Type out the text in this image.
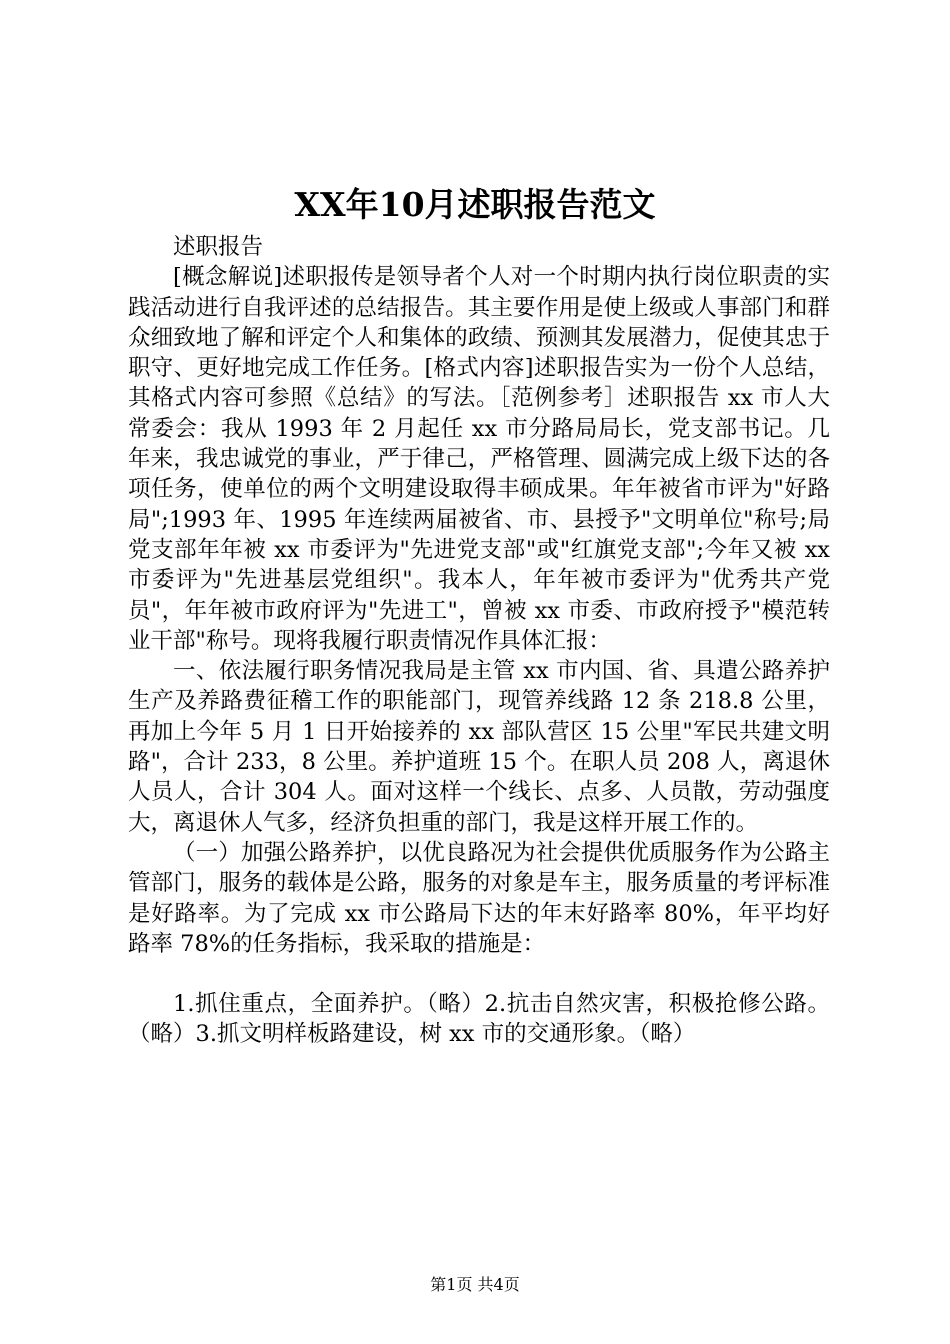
XX年10月述职报告范文

述职报告

[概念解说]述职报传是领导者个人对一个时期内执行岗位职责的实践活动进行自我评述的总结报告。其主要作用是使上级或人事部门和群众细致地了解和评定个人和集体的政绩、预测其发展潜力，促使其忠于职守、更好地完成工作任务。[格式内容]述职报告实为一份个人总结，其格式内容可参照《总结》的写法。［范例参考］述职报告 xx 市人大常委会：我从 1993 年 2 月起任 xx 市分路局局长，党支部书记。几年来，我忠诚党的事业，严于律己，严格管理、圆满完成上级下达的各项任务，使单位的两个文明建设取得丰硕成果。年年被省市评为"好路局";1993 年、1995 年连续两届被省、市、县授予"文明单位"称号;局党支部年年被 xx 市委评为"先进党支部"或"红旗党支部";今年又被 xx 市委评为"先进基层党组织"。我本人，年年被市委评为"优秀共产党员"，年年被市政府评为"先进工"，曾被 xx 市委、市政府授予"模范转业干部"称号。现将我履行职责情况作具体汇报：

一、依法履行职务情况我局是主管 xx 市内国、省、具遣公路养护生产及养路费征稽工作的职能部门，现管养线路 12 条 218.8 公里，再加上今年 5 月 1 日开始接养的 xx 部队营区 15 公里"军民共建文明路"，合计 233，8 公里。养护道班 15 个。在职人员 208 人，离退休人员人，合计 304 人。面对这样一个线长、点多、人员散，劳动强度大，离退休人气多，经济负担重的部门，我是这样开展工作的。

（一）加强公路养护，以优良路况为社会提供优质服务作为公路主管部门，服务的载体是公路，服务的对象是车主，服务质量的考评标准是好路率。为了完成 xx 市公路局下达的年末好路率 80%，年平均好路率 78%的任务指标，我采取的措施是：

1.抓住重点，全面养护。（略）2.抗击自然灾害，积极抢修公路。（略）3.抓文明样板路建设，树 xx 市的交通形象。（略）

第1页 共4页
